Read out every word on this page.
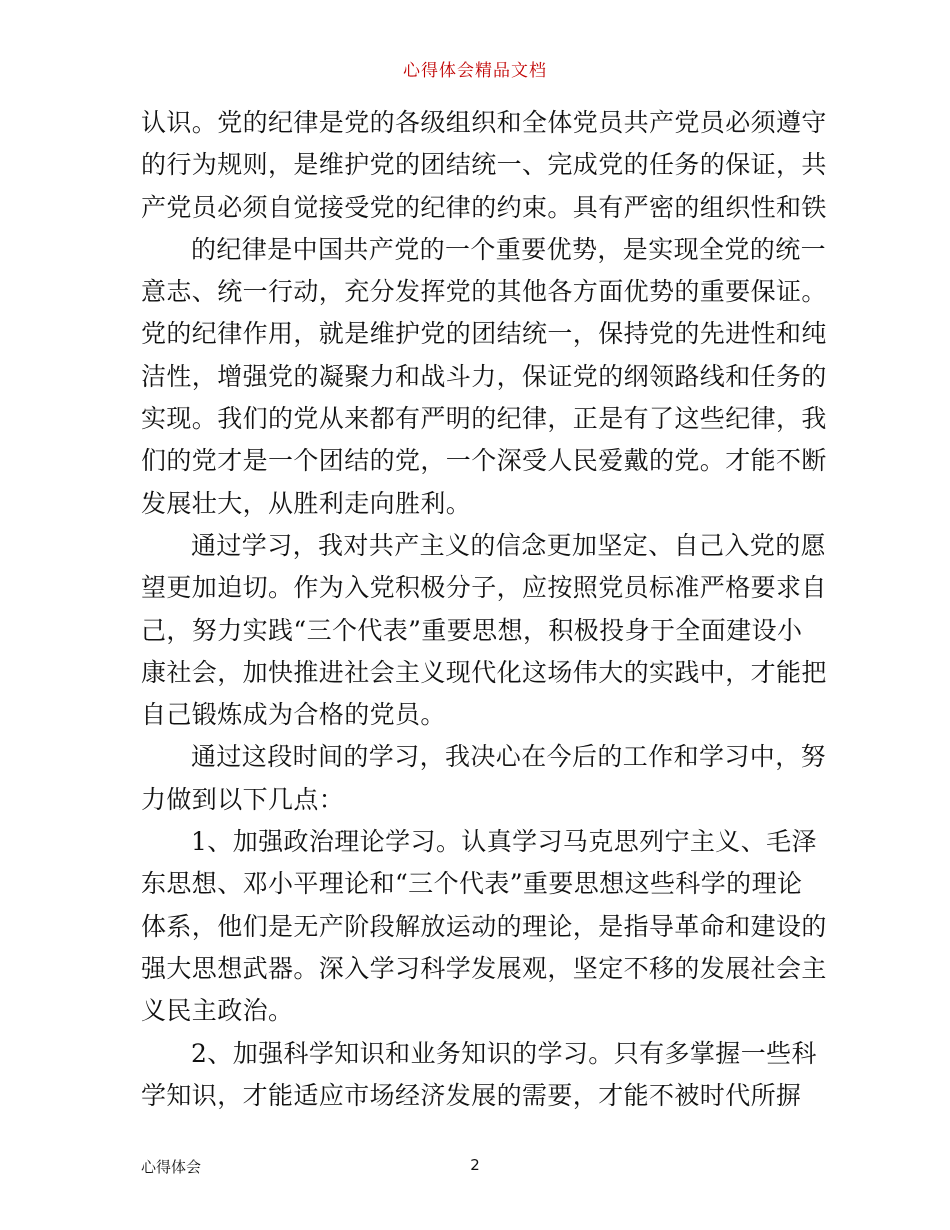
心得体会精品文档
认识。党的纪律是党的各级组织和全体党员共产党员必须遵守
的行为规则，是维护党的团结统一、完成党的任务的保证，共
产党员必须自觉接受党的纪律的约束。具有严密的组织性和铁
的纪律是中国共产党的一个重要优势，是实现全党的统一
意志、统一行动，充分发挥党的其他各方面优势的重要保证。
党的纪律作用，就是维护党的团结统一，保持党的先进性和纯
洁性，增强党的凝聚力和战斗力，保证党的纲领路线和任务的
实现。我们的党从来都有严明的纪律，正是有了这些纪律，我
们的党才是一个团结的党，一个深受人民爱戴的党。才能不断
发展壮大，从胜利走向胜利。
通过学习，我对共产主义的信念更加坚定、自己入党的愿
望更加迫切。作为入党积极分子，应按照党员标准严格要求自
己，努力实践“三个代表”重要思想，积极投身于全面建设小
康社会，加快推进社会主义现代化这场伟大的实践中，才能把
自己锻炼成为合格的党员。
通过这段时间的学习，我决心在今后的工作和学习中，努
力做到以下几点：
1、加强政治理论学习。认真学习马克思列宁主义、毛泽
东思想、邓小平理论和“三个代表”重要思想这些科学的理论
体系，他们是无产阶段解放运动的理论，是指导革命和建设的
强大思想武器。深入学习科学发展观，坚定不移的发展社会主
义民主政治。
2、加强科学知识和业务知识的学习。只有多掌握一些科
学知识，才能适应市场经济发展的需要，才能不被时代所摒
心得体会	2
